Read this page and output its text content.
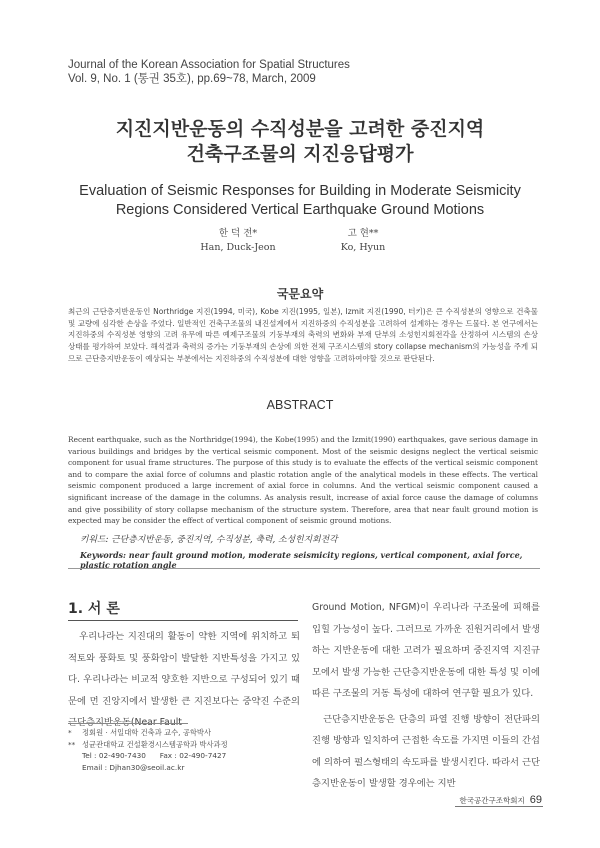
Journal of the Korean Association for Spatial Structures
Vol. 9, No. 1 (통권 35호), pp.69~78, March, 2009
지진지반운동의 수직성분을 고려한 중진지역
건축구조물의 지진응답평가
Evaluation of Seismic Responses for Building in Moderate Seismicity
Regions Considered Vertical Earthquake Ground Motions
한 덕 전*
Han, Duck-Jeon
고 현**
Ko, Hyun
국문요약
최근의 근단층지반운동인 Northridge 지진(1994, 미국), Kobe 지진(1995, 일본), Izmit 지진(1990, 터키)은 큰 수직성분의 영향으로 건축물 및 교량에 심각한 손상을 주었다. 일반적인 건축구조물의 내진설계에서 지진하중의 수직성분을 고려하여 설계하는 경우는 드물다. 본 연구에서는 지진하중의 수직성분 영향의 고려 유무에 따른 예제구조물의 기둥부재의 축력의 변화와 부재 단부의 소성힌지회전각을 산정하여 시스템의 손상상태를 평가하여 보았다. 해석결과 축력의 증가는 기둥부재의 손상에 의한 전체 구조시스템의 story collapse mechanism의 가능성을 주게 되므로 근단층지반운동이 예상되는 부분에서는 지진하중의 수직성분에 대한 영향을 고려하여야할 것으로 판단된다.
ABSTRACT
Recent earthquake, such as the Northridge(1994), the Kobe(1995) and the Izmit(1990) earthquakes, gave serious damage in various buildings and bridges by the vertical seismic component. Most of the seismic designs neglect the vertical seismic component for usual frame structures. The purpose of this study is to evaluate the effects of the vertical seismic component and to compare the axial force of columns and plastic rotation angle of the analytical models in these effects. The vertical seismic component produced a large increment of axial force in columns. And the vertical seismic component caused a significant increase of the damage in the columns. As analysis result, increase of axial force cause the damage of columns and give possibility of story collapse mechanism of the structure system. Therefore, area that near fault ground motion is expected may be consider the effect of vertical component of seismic ground motions.
키워드: 근단층지반운동, 중진지역, 수직성분, 축력, 소성힌지회전각
Keywords: near fault ground motion, moderate seismicity regions, vertical component, axial force, plastic rotation angle
1. 서 론
우리나라는 지진대의 활동이 약한 지역에 위치하고 퇴적토와 풍화토 및 풍화암이 발달한 지반특성을 가지고 있다. 우리나라는 비교적 양호한 지반으로 구성되어 있기 때문에 먼 진앙지에서 발생한 큰 지진보다는 중약진 수준의 근단층지반운동(Near Fault
Ground Motion, NFGM)이 우리나라 구조물에 피해를 입힐 가능성이 높다. 그러므로 가까운 진원거리에서 발생하는 지반운동에 대한 고려가 필요하며 중진지역 지진규모에서 발생 가능한 근단층지반운동에 대한 특성 및 이에 따른 구조물의 거동 특성에 대하여 연구할 필요가 있다.
근단층지반운동은 단층의 파열 진행 방향이 전단파의 진행 방향과 일치하여 근접한 속도를 가지면 이들의 간섭에 의하여 펄스형태의 속도파를 발생시킨다. 따라서 근단층지반운동이 발생할 경우에는 지반
*	정회원 · 서일대학 건축과 교수, 공학박사
** 성균관대학교 건설환경시스템공학과 박사과정
Tel : 02-490-7430      Fax : 02-490-7427
Email : Djhan30@seoil.ac.kr
한국공간구조학회지 69
